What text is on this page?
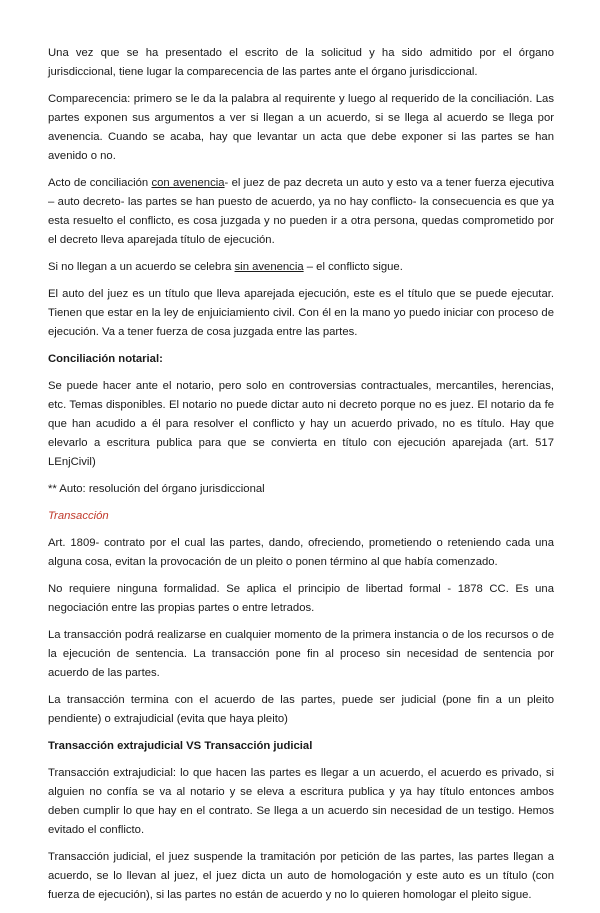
Una vez que se ha presentado el escrito de la solicitud y ha sido admitido por el órgano jurisdiccional, tiene lugar la comparecencia de las partes ante el órgano jurisdiccional.

Comparecencia: primero se le da la palabra al requirente y luego al requerido de la conciliación. Las partes exponen sus argumentos a ver si llegan a un acuerdo, si se llega al acuerdo se llega por avenencia. Cuando se acaba, hay que levantar un acta que debe exponer si las partes se han avenido o no.

Acto de conciliación con avenencia- el juez de paz decreta un auto y esto va a tener fuerza ejecutiva – auto decreto- las partes se han puesto de acuerdo, ya no hay conflicto- la consecuencia es que ya esta resuelto el conflicto, es cosa juzgada y no pueden ir a otra persona, quedas comprometido por el decreto lleva aparejada título de ejecución.

Si no llegan a un acuerdo se celebra sin avenencia – el conflicto sigue.

El auto del juez es un título que lleva aparejada ejecución, este es el título que se puede ejecutar. Tienen que estar en la ley de enjuiciamiento civil. Con él en la mano yo puedo iniciar con proceso de ejecución. Va a tener fuerza de cosa juzgada entre las partes.

Conciliación notarial:

Se puede hacer ante el notario, pero solo en controversias contractuales, mercantiles, herencias, etc. Temas disponibles. El notario no puede dictar auto ni decreto porque no es juez. El notario da fe que han acudido a él para resolver el conflicto y hay un acuerdo privado, no es título. Hay que elevarlo a escritura publica para que se convierta en título con ejecución aparejada (art. 517 LEnjCivil)

** Auto: resolución del órgano jurisdiccional

Transacción

Art. 1809- contrato por el cual las partes, dando, ofreciendo, prometiendo o reteniendo cada una alguna cosa, evitan la provocación de un pleito o ponen término al que había comenzado.

No requiere ninguna formalidad. Se aplica el principio de libertad formal - 1878 CC. Es una negociación entre las propias partes o entre letrados.

La transacción podrá realizarse en cualquier momento de la primera instancia o de los recursos o de la ejecución de sentencia. La transacción pone fin al proceso sin necesidad de sentencia por acuerdo de las partes.

La transacción termina con el acuerdo de las partes, puede ser judicial (pone fin a un pleito pendiente) o extrajudicial (evita que haya pleito)

Transacción extrajudicial VS Transacción judicial

Transacción extrajudicial: lo que hacen las partes es llegar a un acuerdo, el acuerdo es privado, si alguien no confía se va al notario y se eleva a escritura publica y ya hay título entonces ambos deben cumplir lo que hay en el contrato. Se llega a un acuerdo sin necesidad de un testigo. Hemos evitado el conflicto.

Transacción judicial, el juez suspende la tramitación por petición de las partes, las partes llegan a acuerdo, se lo llevan al juez, el juez dicta un auto de homologación y este auto es un título (con fuerza de ejecución), si las partes no están de acuerdo y no lo quieren homologar el pleito sigue.
